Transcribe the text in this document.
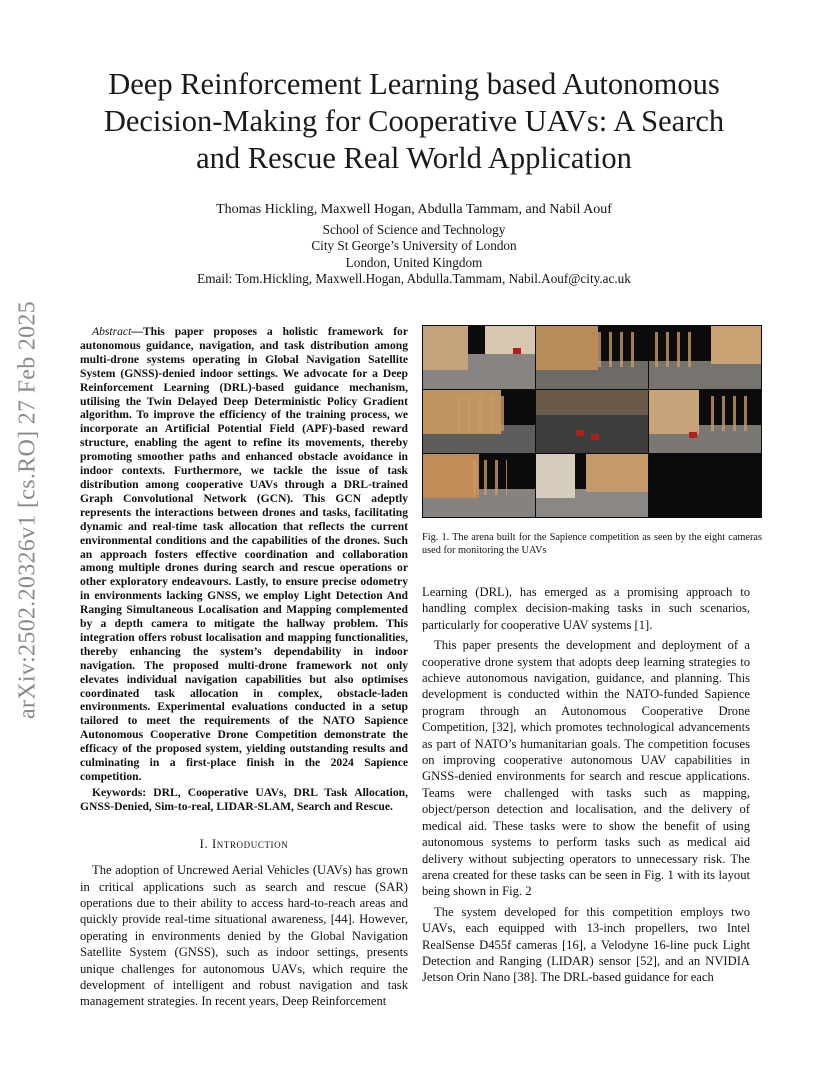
arXiv:2502.20326v1 [cs.RO] 27 Feb 2025
Deep Reinforcement Learning based Autonomous
Decision-Making for Cooperative UAVs: A Search
and Rescue Real World Application
Thomas Hickling, Maxwell Hogan, Abdulla Tammam, and Nabil Aouf
School of Science and Technology
City St George’s University of London
London, United Kingdom
Email: Tom.Hickling, Maxwell.Hogan, Abdulla.Tammam, Nabil.Aouf@city.ac.uk

Abstract—This paper proposes a holistic framework for autonomous guidance, navigation, and task distribution among multi-drone systems operating in Global Navigation Satellite System (GNSS)-denied indoor settings. We advocate for a Deep Reinforcement Learning (DRL)-based guidance mechanism, utilising the Twin Delayed Deep Deterministic Policy Gradient algorithm. To improve the efficiency of the training process, we incorporate an Artificial Potential Field (APF)-based reward structure, enabling the agent to refine its movements, thereby promoting smoother paths and enhanced obstacle avoidance in indoor contexts. Furthermore, we tackle the issue of task distribution among cooperative UAVs through a DRL-trained Graph Convolutional Network (GCN). This GCN adeptly represents the interactions between drones and tasks, facilitating dynamic and real-time task allocation that reflects the current environmental conditions and the capabilities of the drones. Such an approach fosters effective coordination and collaboration among multiple drones during search and rescue operations or other exploratory endeavours. Lastly, to ensure precise odometry in environments lacking GNSS, we employ Light Detection And Ranging Simultaneous Localisation and Mapping complemented by a depth camera to mitigate the hallway problem. This integration offers robust localisation and mapping functionalities, thereby enhancing the system’s dependability in indoor navigation. The proposed multi-drone framework not only elevates individual navigation capabilities but also optimises coordinated task allocation in complex, obstacle-laden environments. Experimental evaluations conducted in a setup tailored to meet the requirements of the NATO Sapience Autonomous Cooperative Drone Competition demonstrate the efficacy of the proposed system, yielding outstanding results and culminating in a first-place finish in the 2024 Sapience competition.

Keywords: DRL, Cooperative UAVs, DRL Task Allocation, GNSS-Denied, Sim-to-real, LIDAR-SLAM, Search and Rescue.

I. Introduction

The adoption of Uncrewed Aerial Vehicles (UAVs) has grown in critical applications such as search and rescue (SAR) operations due to their ability to access hard-to-reach areas and quickly provide real-time situational awareness, [44]. However, operating in environments denied by the Global Navigation Satellite System (GNSS), such as indoor settings, presents unique challenges for autonomous UAVs, which require the development of intelligent and robust navigation and task management strategies. In recent years, Deep Reinforcement

Fig. 1. The arena built for the Sapience competition as seen by the eight cameras used for monitoring the UAVs

Learning (DRL), has emerged as a promising approach to handling complex decision-making tasks in such scenarios, particularly for cooperative UAV systems [1].

This paper presents the development and deployment of a cooperative drone system that adopts deep learning strategies to achieve autonomous navigation, guidance, and planning. This development is conducted within the NATO-funded Sapience program through an Autonomous Cooperative Drone Competition, [32], which promotes technological advancements as part of NATO’s humanitarian goals. The competition focuses on improving cooperative autonomous UAV capabilities in GNSS-denied environments for search and rescue applications. Teams were challenged with tasks such as mapping, object/person detection and localisation, and the delivery of medical aid. These tasks were to show the benefit of using autonomous systems to perform tasks such as medical aid delivery without subjecting operators to unnecessary risk. The arena created for these tasks can be seen in Fig. 1 with its layout being shown in Fig. 2

The system developed for this competition employs two UAVs, each equipped with 13-inch propellers, two Intel RealSense D455f cameras [16], a Velodyne 16-line puck Light Detection and Ranging (LIDAR) sensor [52], and an NVIDIA Jetson Orin Nano [38]. The DRL-based guidance for each
